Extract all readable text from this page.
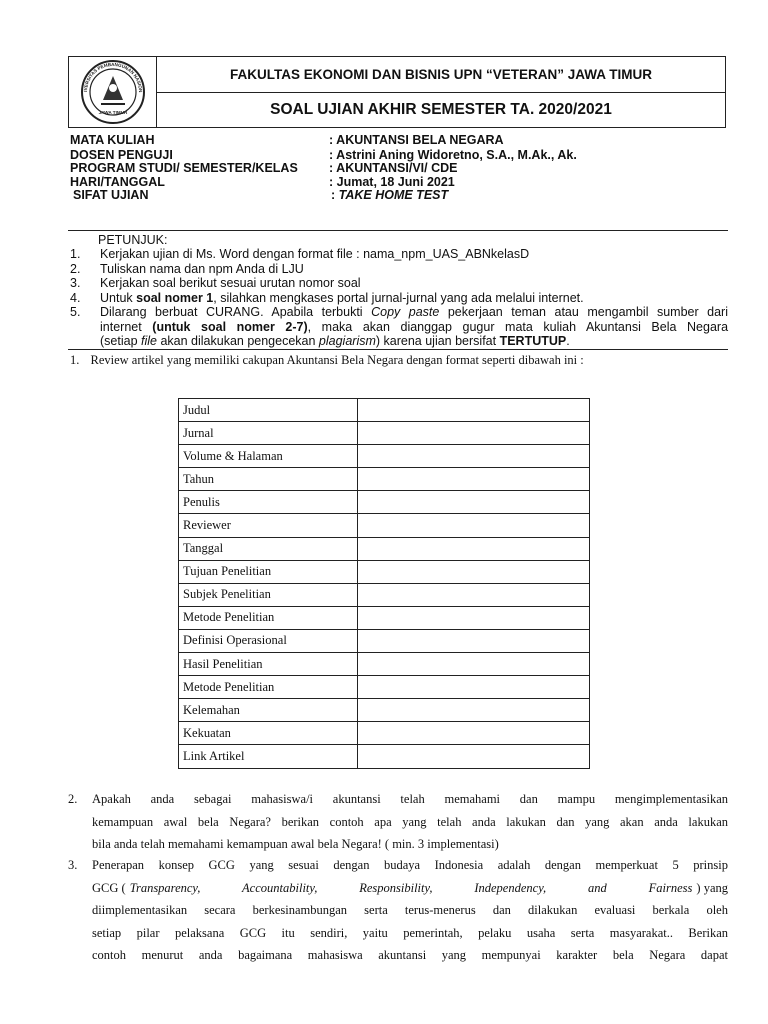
IVERSITAS PEMBANGUNAN NASION
JAWA TIMUR
FAKULTAS EKONOMI DAN BISNIS UPN “VETERAN” JAWA TIMUR
SOAL UJIAN AKHIR SEMESTER TA. 2020/2021
MATA KULIAH	: AKUNTANSI BELA NEGARA
DOSEN PENGUJI	: Astrini Aning Widoretno, S.A., M.Ak., Ak.
PROGRAM STUDI/ SEMESTER/KELAS : AKUNTANSI/VI/ CDE
HARI/TANGGAL	: Jumat, 18 Juni 2021
SIFAT UJIAN	: TAKE HOME TEST
PETUNJUK:
1. Kerjakan ujian di Ms. Word dengan format file : nama_npm_UAS_ABNkelasD
2. Tuliskan nama dan npm Anda di LJU
3. Kerjakan soal berikut sesuai urutan nomor soal
4. Untuk soal nomer 1, silahkan mengkases portal jurnal-jurnal yang ada melalui internet.
5. Dilarang berbuat CURANG. Apabila terbukti Copy paste pekerjaan teman atau mengambil sumber dari
internet (untuk soal nomer 2-7), maka akan dianggap gugur mata kuliah Akuntansi Bela Negara
(setiap file akan dilakukan pengecekan plagiarism) karena ujian bersifat TERTUTUP.
1. Review artikel yang memiliki cakupan Akuntansi Bela Negara dengan format seperti dibawah ini :
Judul	
Jurnal	
Volume & Halaman	
Tahun	
Penulis	
Reviewer	
Tanggal	
Tujuan Penelitian	
Subjek Penelitian	
Metode Penelitian	
Definisi Operasional	
Hasil Penelitian	
Metode Penelitian	
Kelemahan	
Kekuatan	
Link Artikel	
2. Apakah anda sebagai mahasiswa/i akuntansi telah memahami dan mampu mengimplementasikan
kemampuan awal bela Negara? berikan contoh apa yang telah anda lakukan dan yang akan anda lakukan
bila anda telah memahami kemampuan awal bela Negara! ( min. 3 implementasi)
3. Penerapan konsep GCG yang sesuai dengan budaya Indonesia adalah dengan memperkuat 5 prinsip
GCG ( Transparency, Accountability, Responsibility, Independency, and Fairness ) yang
diimplementasikan secara berkesinambungan serta terus-menerus dan dilakukan evaluasi berkala oleh
setiap pilar pelaksana GCG itu sendiri, yaitu pemerintah, pelaku usaha serta masyarakat.. Berikan
contoh menurut anda bagaimana mahasiswa akuntansi yang mempunyai karakter bela Negara dapat
